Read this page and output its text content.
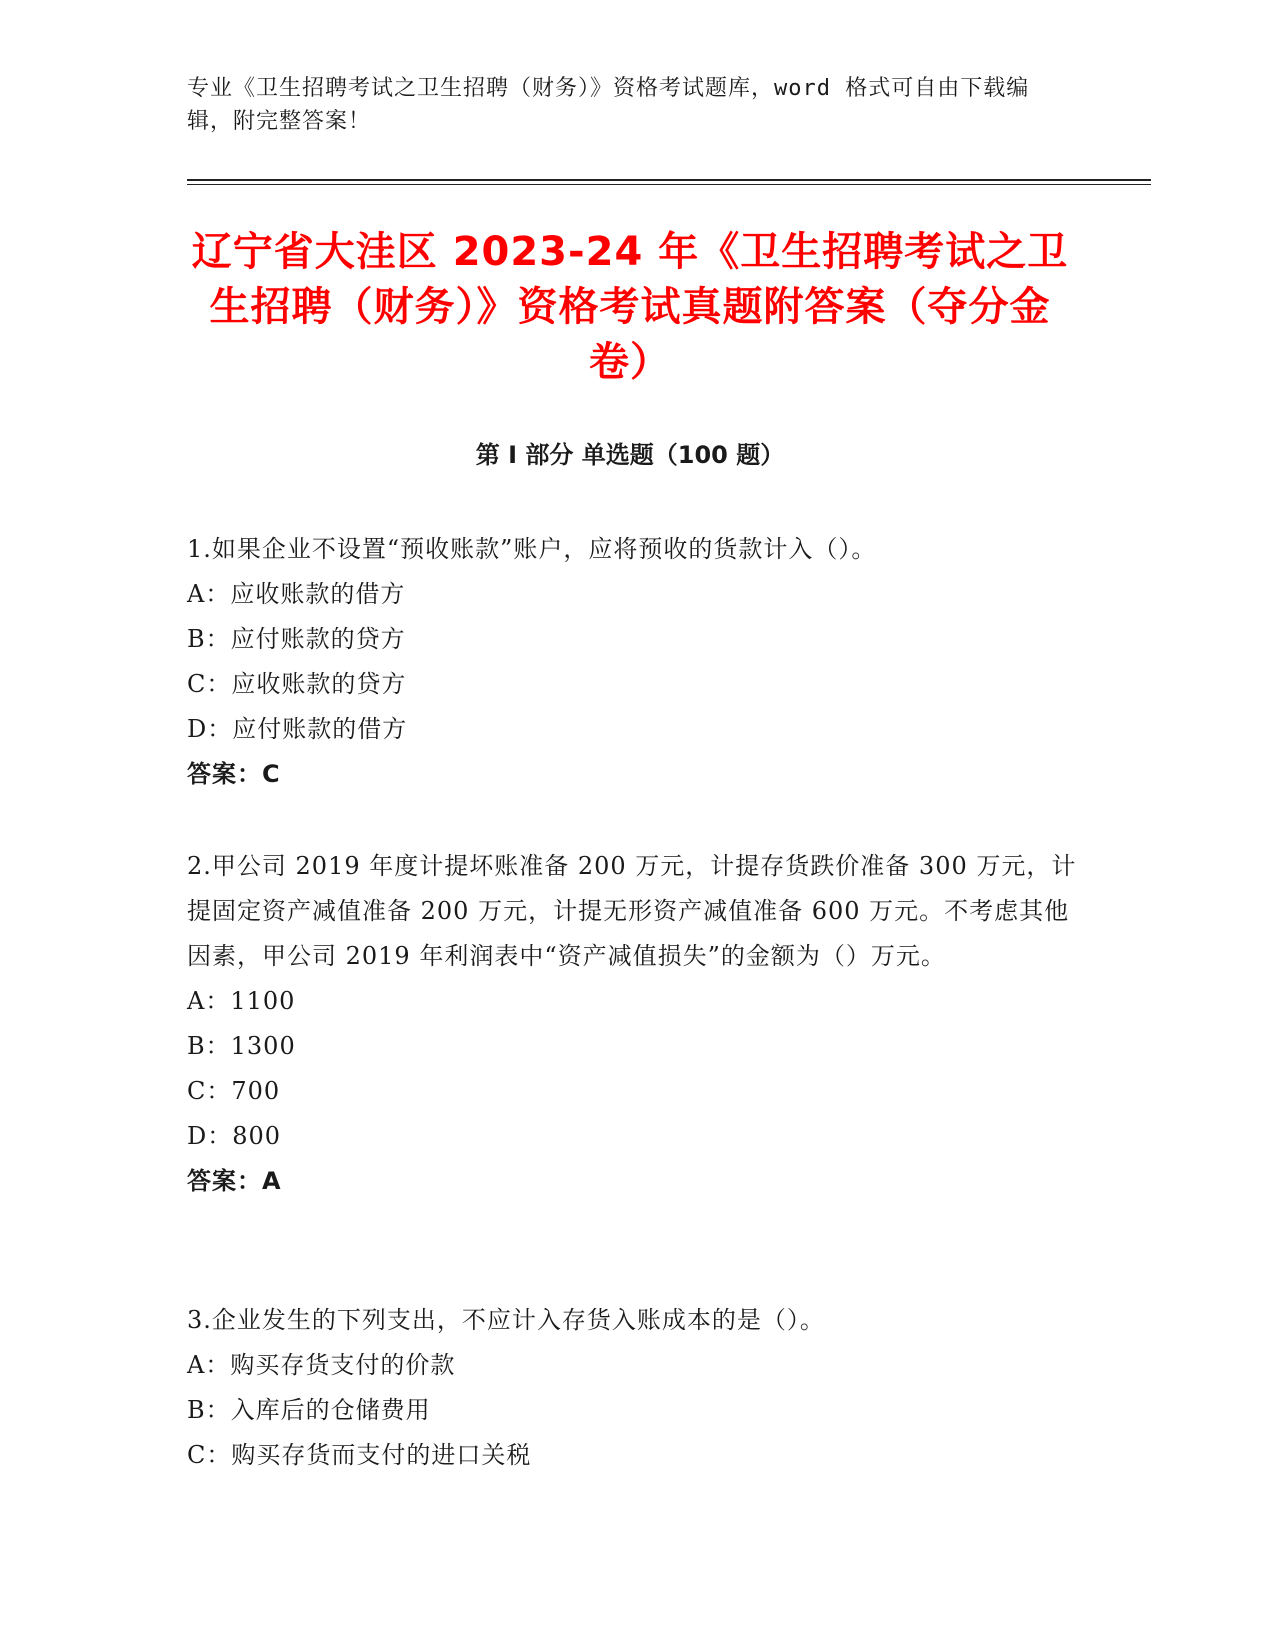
专业《卫生招聘考试之卫生招聘（财务）》资格考试题库，word 格式可自由下载编辑，附完整答案！
辽宁省大洼区 2023-24 年《卫生招聘考试之卫生招聘（财务）》资格考试真题附答案（夺分金卷）
第 I 部分 单选题（100 题）
1.如果企业不设置“预收账款”账户，应将预收的货款计入（）。
A：应收账款的借方
B：应付账款的贷方
C：应收账款的贷方
D：应付账款的借方
答案：C
2.甲公司 2019 年度计提坏账准备 200 万元，计提存货跌价准备 300 万元，计提固定资产减值准备 200 万元，计提无形资产减值准备 600 万元。不考虑其他因素，甲公司 2019 年利润表中“资产减值损失”的金额为（）万元。
A：1100
B：1300
C：700
D：800
答案：A
3.企业发生的下列支出，不应计入存货入账成本的是（）。
A：购买存货支付的价款
B：入库后的仓储费用
C：购买存货而支付的进口关税
